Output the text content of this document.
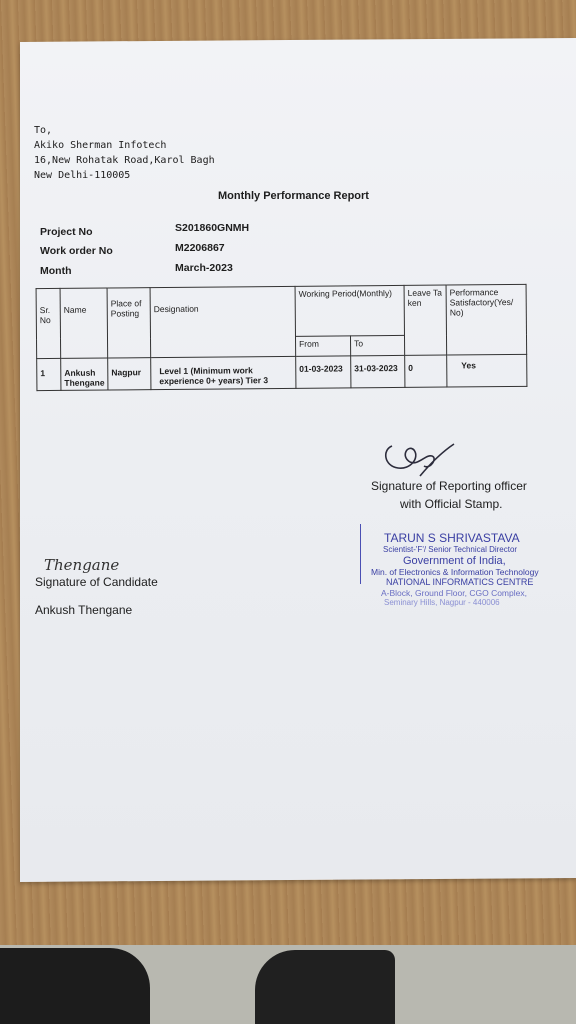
To,
Akiko Sherman Infotech
16,New Rohatak Road,Karol Bagh
New Delhi-110005
Monthly Performance Report
Project No	S201860GNMH
Work order No	M2206867
Month	March-2023
Sr. No	Name	Place of Posting	Designation	Working Period(Monthly)		Leave Taken	Performance Satisfactory(Yes/ No)
				From	To		
1	Ankush Thengane	Nagpur	Level 1 (Minimum work experience 0+ years) Tier 3	01-03-2023	31-03-2023	0	Yes
Signature of Reporting officer
with Official Stamp.
TARUN S SHRIVASTAVA
Scientist-'F'/ Senior Technical Director
Government of India,
Min. of Electronics & Information Technology
NATIONAL INFORMATICS CENTRE
A-Block, Ground Floor, CGO Complex,
Seminary Hills, Nagpur - 440006
Thengane
Signature of Candidate
Ankush Thengane
